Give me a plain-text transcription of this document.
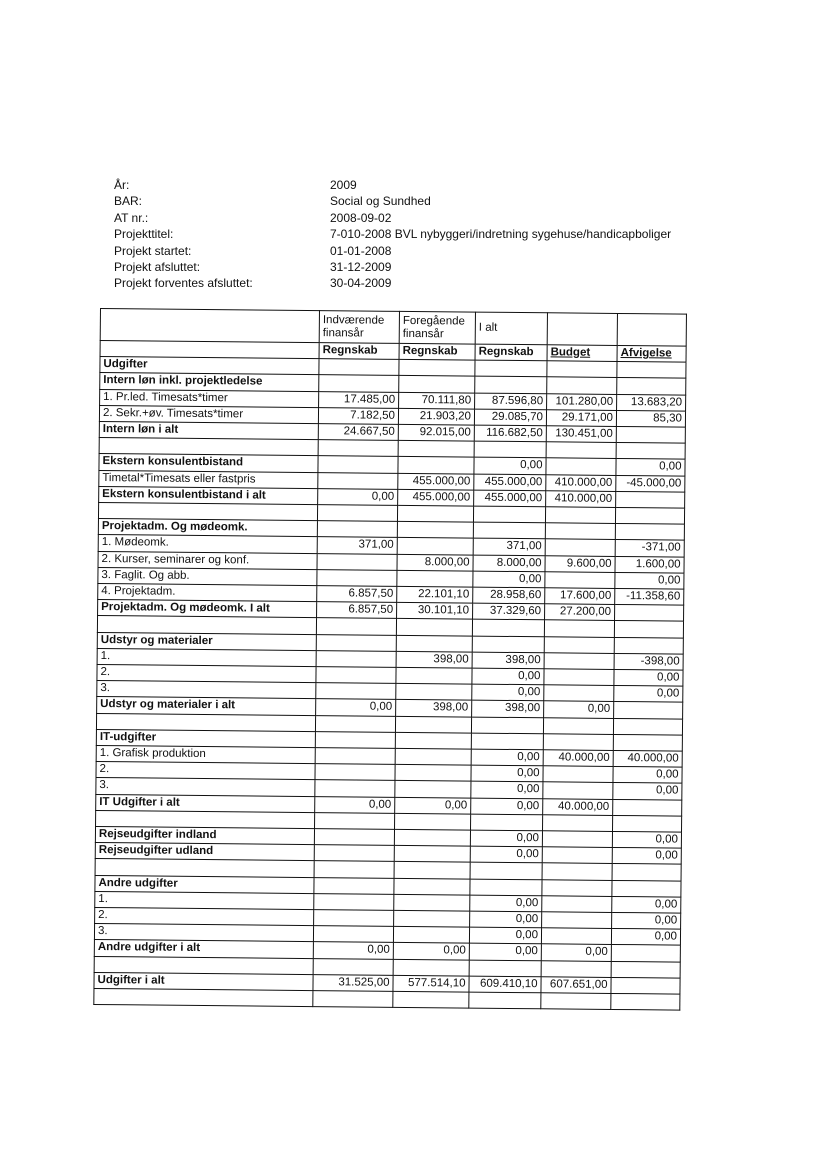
År:	2009
BAR:	Social og Sundhed
AT nr.:	2008-09-02
Projekttitel:	7-010-2008 BVL nybyggeri/indretning sygehuse/handicapboliger
Projekt startet:	01-01-2008
Projekt afsluttet:	31-12-2009
Projekt forventes afsluttet:	30-04-2009
	Indværende finansår	Foregående finansår	I alt		
	Regnskab	Regnskab	Regnskab	Budget	Afvigelse
Udgifter					
Intern løn inkl. projektledelse					
1. Pr.led. Timesats*timer	17.485,00	70.111,80	87.596,80	101.280,00	13.683,20
2. Sekr.+øv. Timesats*timer	7.182,50	21.903,20	29.085,70	29.171,00	85,30
Intern løn i alt	24.667,50	92.015,00	116.682,50	130.451,00	

Ekstern konsulentbistand			0,00		0,00
Timetal*Timesats eller fastpris		455.000,00	455.000,00	410.000,00	-45.000,00
Ekstern konsulentbistand i alt	0,00	455.000,00	455.000,00	410.000,00	

Projektadm. Og mødeomk.					
1. Mødeomk.	371,00		371,00		-371,00
2. Kurser, seminarer og konf.		8.000,00	8.000,00	9.600,00	1.600,00
3. Faglit. Og abb.			0,00		0,00
4. Projektadm.	6.857,50	22.101,10	28.958,60	17.600,00	-11.358,60
Projektadm. Og mødeomk. I alt	6.857,50	30.101,10	37.329,60	27.200,00	

Udstyr og materialer					
1.		398,00	398,00		-398,00
2.			0,00		0,00
3.			0,00		0,00
Udstyr og materialer i alt	0,00	398,00	398,00	0,00	

IT-udgifter					
1. Grafisk produktion			0,00	40.000,00	40.000,00
2.			0,00		0,00
3.			0,00		0,00
IT Udgifter i alt	0,00	0,00	0,00	40.000,00	

Rejseudgifter indland			0,00		0,00
Rejseudgifter udland			0,00		0,00

Andre udgifter					
1.			0,00		0,00
2.			0,00		0,00
3.			0,00		0,00
Andre udgifter i alt	0,00	0,00	0,00	0,00	

Udgifter i alt	31.525,00	577.514,10	609.410,10	607.651,00	
